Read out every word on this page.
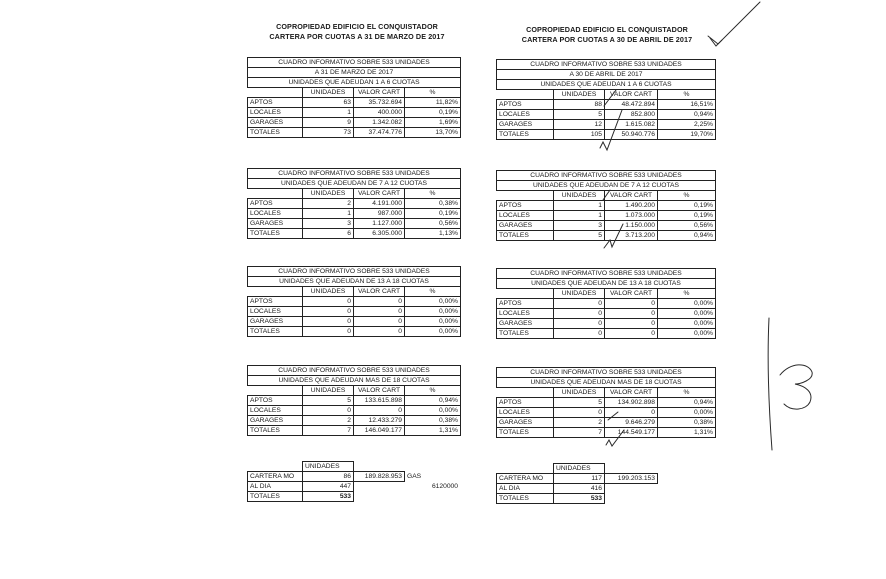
COPROPIEDAD EDIFICIO EL CONQUISTADOR
CARTERA POR CUOTAS A 31 DE MARZO DE 2017
CUADRO INFORMATIVO SOBRE 533 UNIDADES			
A 31 DE MARZO DE 2017			
UNIDADES QUE ADEUDAN 1 A 6 CUOTAS			
	UNIDADES	VALOR CART	%
APTOS	63	35.732.694	11,82%
LOCALES	1	400.000	0,19%
GARAGES	9	1.342.082	1,69%
TOTALES	73	37.474.776	13,70%
CUADRO INFORMATIVO SOBRE 533 UNIDADES			
UNIDADES QUE ADEUDAN DE 7 A 12 CUOTAS			
	UNIDADES	VALOR CART	%
APTOS	2	4.191.000	0,38%
LOCALES	1	987.000	0,19%
GARAGES	3	1.127.000	0,56%
TOTALES	6	6.305.000	1,13%
CUADRO INFORMATIVO SOBRE 533 UNIDADES			
UNIDADES QUE ADEUDAN DE 13 A 18 CUOTAS			
	UNIDADES	VALOR CART	%
APTOS	0	0	0,00%
LOCALES	0	0	0,00%
GARAGES	0	0	0,00%
TOTALES	0	0	0,00%
CUADRO INFORMATIVO SOBRE 533 UNIDADES			
UNIDADES QUE ADEUDAN MAS DE 18 CUOTAS			
	UNIDADES	VALOR CART	%
APTOS	5	133.615.898	0,94%
LOCALES	0	0	0,00%
GARAGES	2	12.433.279	0,38%
TOTALES	7	146.049.177	1,31%
	UNIDADES		
CARTERA MO	86	189.828.953	GAS
AL DIA	447		6120000
TOTALES	533		
COPROPIEDAD EDIFICIO EL CONQUISTADOR
CARTERA POR CUOTAS A 30 DE ABRIL DE 2017
CUADRO INFORMATIVO SOBRE 533 UNIDADES			
A 30 DE ABRIL DE 2017			
UNIDADES QUE ADEUDAN 1 A 6 CUOTAS			
	UNIDADES	VALOR CART	%
APTOS	88	48.472.894	16,51%
LOCALES	5	852.800	0,94%
GARAGES	12	1.615.082	2,25%
TOTALES	105	50.940.776	19,70%
CUADRO INFORMATIVO SOBRE 533 UNIDADES			
UNIDADES QUE ADEUDAN DE 7 A 12 CUOTAS			
	UNIDADES	VALOR CART	%
APTOS	1	1.490.200	0,19%
LOCALES	1	1.073.000	0,19%
GARAGES	3	1.150.000	0,56%
TOTALES	5	3.713.200	0,94%
CUADRO INFORMATIVO SOBRE 533 UNIDADES			
UNIDADES QUE ADEUDAN DE 13 A 18 CUOTAS			
	UNIDADES	VALOR CART	%
APTOS	0	0	0,00%
LOCALES	0	0	0,00%
GARAGES	0	0	0,00%
TOTALES	0	0	0,00%
CUADRO INFORMATIVO SOBRE 533 UNIDADES			
UNIDADES QUE ADEUDAN MAS DE 18 CUOTAS			
	UNIDADES	VALOR CART	%
APTOS	5	134.902.898	0,94%
LOCALES	0	0	0,00%
GARAGES	2	9.646.279	0,38%
TOTALES	7	144.549.177	1,31%
	UNIDADES		
CARTERA MO	117	199.203.153	
AL DIA	416		
TOTALES	533		
